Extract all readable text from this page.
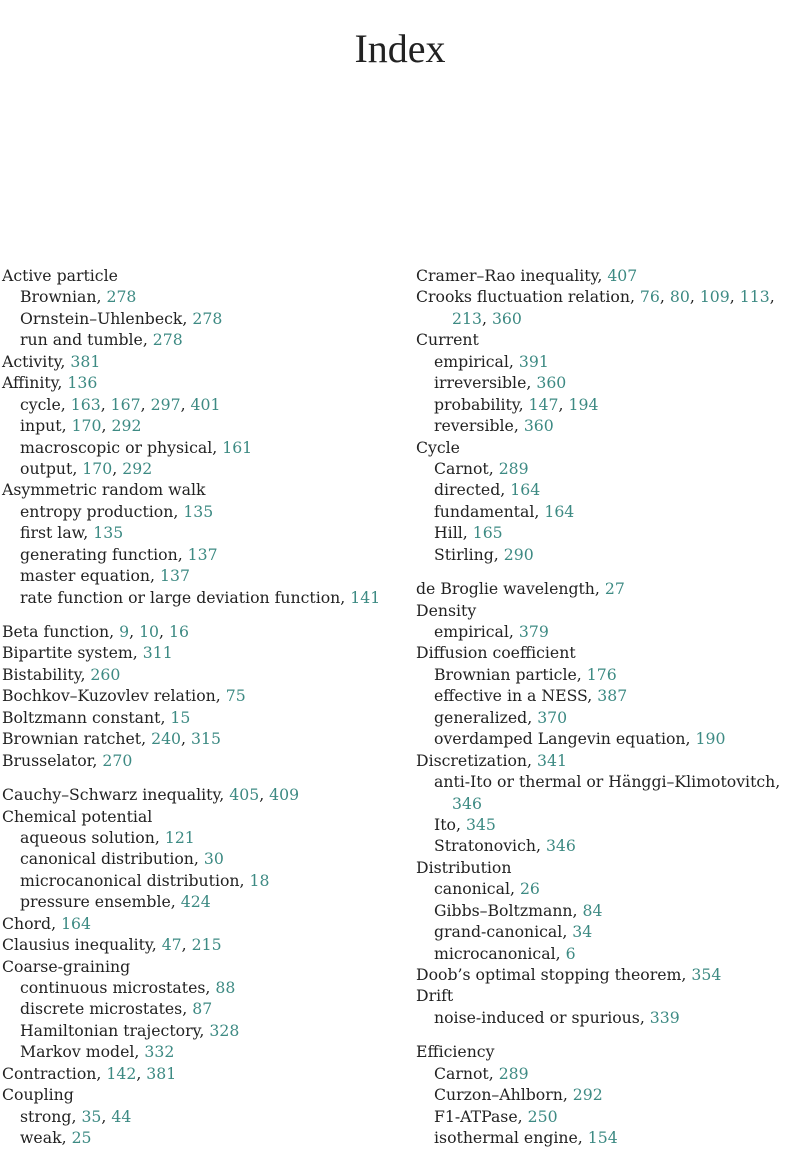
Index
Active particle
Brownian, 278
Ornstein–Uhlenbeck, 278
run and tumble, 278
Activity, 381
Affinity, 136
cycle, 163, 167, 297, 401
input, 170, 292
macroscopic or physical, 161
output, 170, 292
Asymmetric random walk
entropy production, 135
first law, 135
generating function, 137
master equation, 137
rate function or large deviation function, 141
Beta function, 9, 10, 16
Bipartite system, 311
Bistability, 260
Bochkov–Kuzovlev relation, 75
Boltzmann constant, 15
Brownian ratchet, 240, 315
Brusselator, 270
Cauchy–Schwarz inequality, 405, 409
Chemical potential
aqueous solution, 121
canonical distribution, 30
microcanonical distribution, 18
pressure ensemble, 424
Chord, 164
Clausius inequality, 47, 215
Coarse-graining
continuous microstates, 88
discrete microstates, 87
Hamiltonian trajectory, 328
Markov model, 332
Contraction, 142, 381
Coupling
strong, 35, 44
weak, 25
Cramer–Rao inequality, 407
Crooks fluctuation relation, 76, 80, 109, 113,
213, 360
Current
empirical, 391
irreversible, 360
probability, 147, 194
reversible, 360
Cycle
Carnot, 289
directed, 164
fundamental, 164
Hill, 165
Stirling, 290
de Broglie wavelength, 27
Density
empirical, 379
Diffusion coefficient
Brownian particle, 176
effective in a NESS, 387
generalized, 370
overdamped Langevin equation, 190
Discretization, 341
anti-Ito or thermal or Hänggi–Klimotovitch,
346
Ito, 345
Stratonovich, 346
Distribution
canonical, 26
Gibbs–Boltzmann, 84
grand-canonical, 34
microcanonical, 6
Doob’s optimal stopping theorem, 354
Drift
noise-induced or spurious, 339
Efficiency
Carnot, 289
Curzon–Ahlborn, 292
F1-ATPase, 250
isothermal engine, 154
